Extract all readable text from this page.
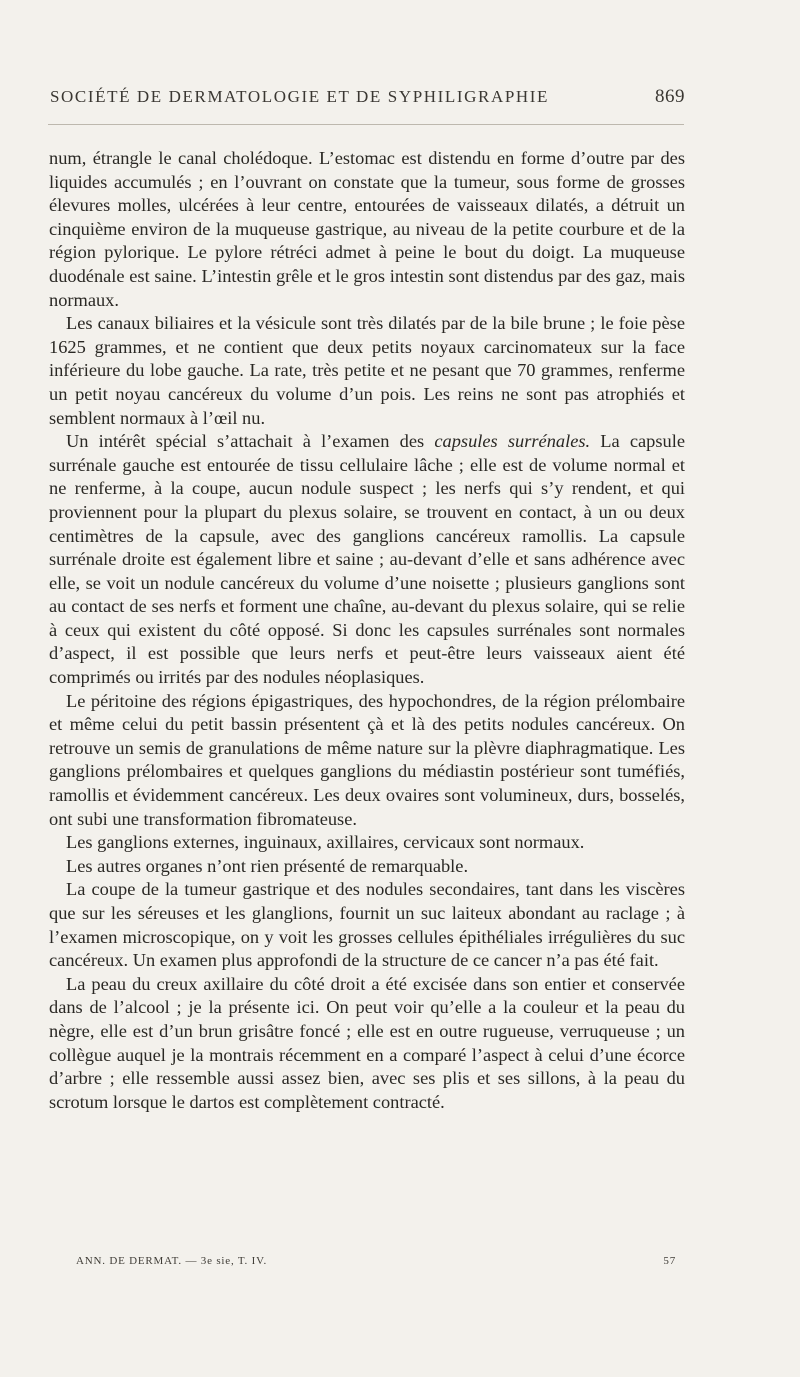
SOCIÉTÉ DE DERMATOLOGIE ET DE SYPHILIGRAPHIE	869

num, étrangle le canal cholédoque. L’estomac est distendu en forme d’outre par des liquides accumulés ; en l’ouvrant on constate que la tumeur, sous forme de grosses élevures molles, ulcérées à leur centre, entourées de vaisseaux dilatés, a détruit un cinquième environ de la muqueuse gastrique, au niveau de la petite courbure et de la région pylorique. Le pylore rétréci admet à peine le bout du doigt. La muqueuse duodénale est saine. L’intestin grêle et le gros intestin sont distendus par des gaz, mais normaux.

Les canaux biliaires et la vésicule sont très dilatés par de la bile brune ; le foie pèse 1625 grammes, et ne contient que deux petits noyaux carcinomateux sur la face inférieure du lobe gauche. La rate, très petite et ne pesant que 70 grammes, renferme un petit noyau cancéreux du volume d’un pois. Les reins ne sont pas atrophiés et semblent normaux à l’œil nu.

Un intérêt spécial s’attachait à l’examen des capsules surrénales. La capsule surrénale gauche est entourée de tissu cellulaire lâche ; elle est de volume normal et ne renferme, à la coupe, aucun nodule suspect ; les nerfs qui s’y rendent, et qui proviennent pour la plupart du plexus solaire, se trouvent en contact, à un ou deux centimètres de la capsule, avec des ganglions cancéreux ramollis. La capsule surrénale droite est également libre et saine ; au-devant d’elle et sans adhérence avec elle, se voit un nodule cancéreux du volume d’une noisette ; plusieurs ganglions sont au contact de ses nerfs et forment une chaîne, au-devant du plexus solaire, qui se relie à ceux qui existent du côté opposé. Si donc les capsules surrénales sont normales d’aspect, il est possible que leurs nerfs et peut-être leurs vaisseaux aient été comprimés ou irrités par des nodules néoplasiques.

Le péritoine des régions épigastriques, des hypochondres, de la région prélombaire et même celui du petit bassin présentent çà et là des petits nodules cancéreux. On retrouve un semis de granulations de même nature sur la plèvre diaphragmatique. Les ganglions prélombaires et quelques ganglions du médiastin postérieur sont tuméfiés, ramollis et évidemment cancéreux. Les deux ovaires sont volumineux, durs, bosselés, ont subi une transformation fibromateuse.

Les ganglions externes, inguinaux, axillaires, cervicaux sont normaux.

Les autres organes n’ont rien présenté de remarquable.

La coupe de la tumeur gastrique et des nodules secondaires, tant dans les viscères que sur les séreuses et les glanglions, fournit un suc laiteux abondant au raclage ; à l’examen microscopique, on y voit les grosses cellules épithéliales irrégulières du suc cancéreux. Un examen plus approfondi de la structure de ce cancer n’a pas été fait.

La peau du creux axillaire du côté droit a été excisée dans son entier et conservée dans de l’alcool ; je la présente ici. On peut voir qu’elle a la couleur et la peau du nègre, elle est d’un brun grisâtre foncé ; elle est en outre rugueuse, verruqueuse ; un collègue auquel je la montrais récemment en a comparé l’aspect à celui d’une écorce d’arbre ; elle ressemble aussi assez bien, avec ses plis et ses sillons, à la peau du scrotum lorsque le dartos est complètement contracté.

ANN. DE DERMAT. — 3e sie, T. IV.	57
